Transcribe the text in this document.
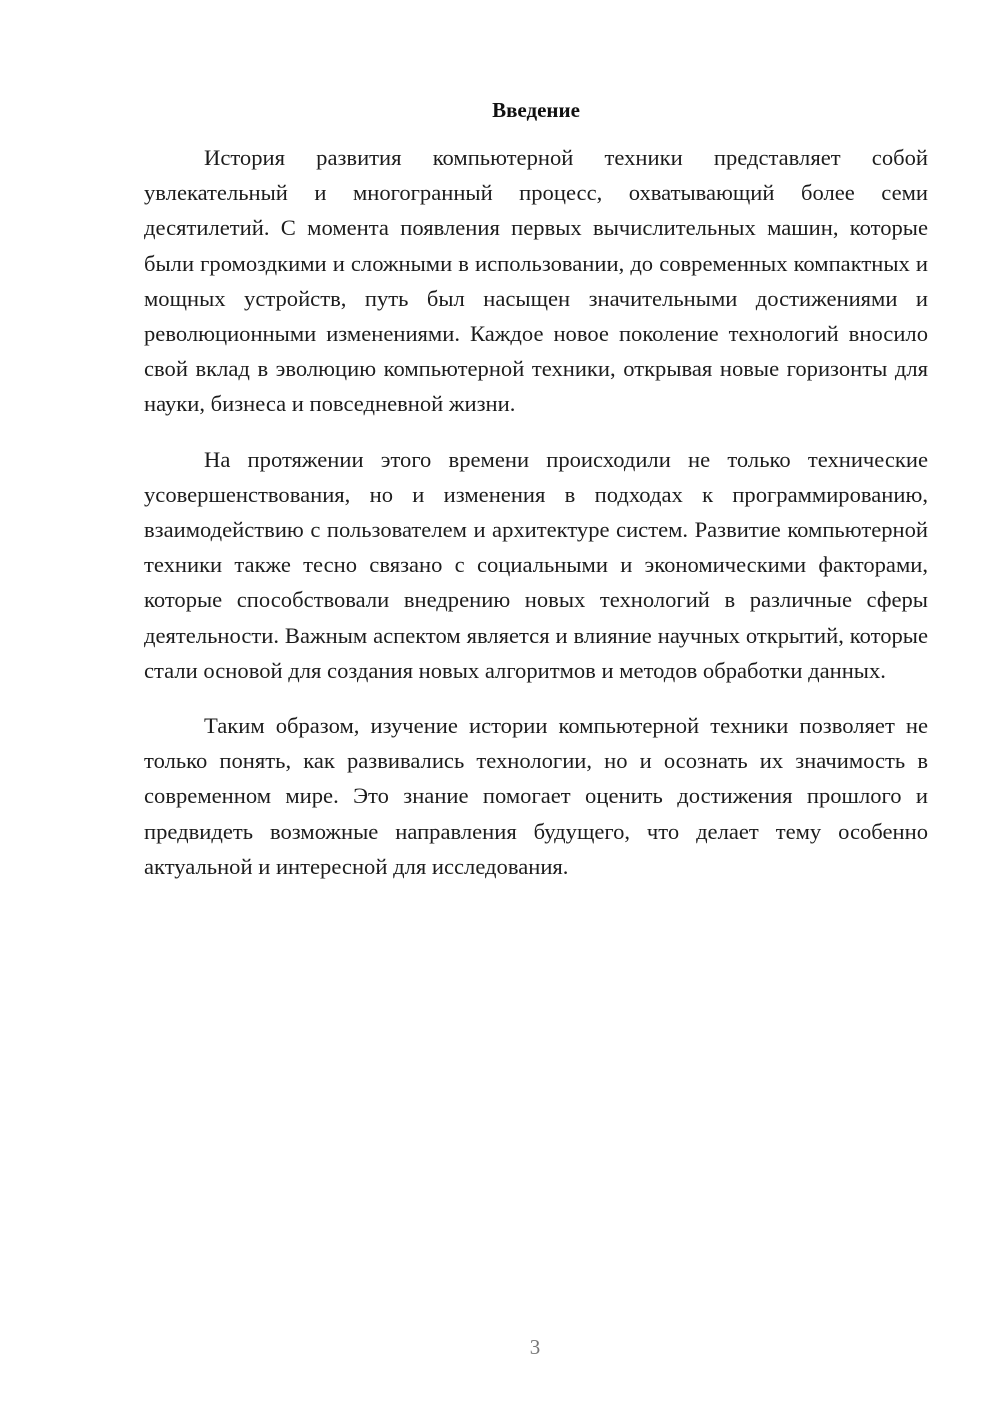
Введение

История развития компьютерной техники представляет собой увлекательный и многогранный процесс, охватывающий более семи десятилетий. С момента появления первых вычислительных машин, которые были громоздкими и сложными в использовании, до современных компактных и мощных устройств, путь был насыщен значительными достижениями и революционными изменениями. Каждое новое поколение технологий вносило свой вклад в эволюцию компьютерной техники, открывая новые горизонты для науки, бизнеса и повседневной жизни.

На протяжении этого времени происходили не только технические усовершенствования, но и изменения в подходах к программированию, взаимодействию с пользователем и архитектуре систем. Развитие компьютерной техники также тесно связано с социальными и экономическими факторами, которые способствовали внедрению новых технологий в различные сферы деятельности. Важным аспектом является и влияние научных открытий, которые стали основой для создания новых алгоритмов и методов обработки данных.

Таким образом, изучение истории компьютерной техники позволяет не только понять, как развивались технологии, но и осознать их значимость в современном мире. Это знание помогает оценить достижения прошлого и предвидеть возможные направления будущего, что делает тему особенно актуальной и интересной для исследования.

3
